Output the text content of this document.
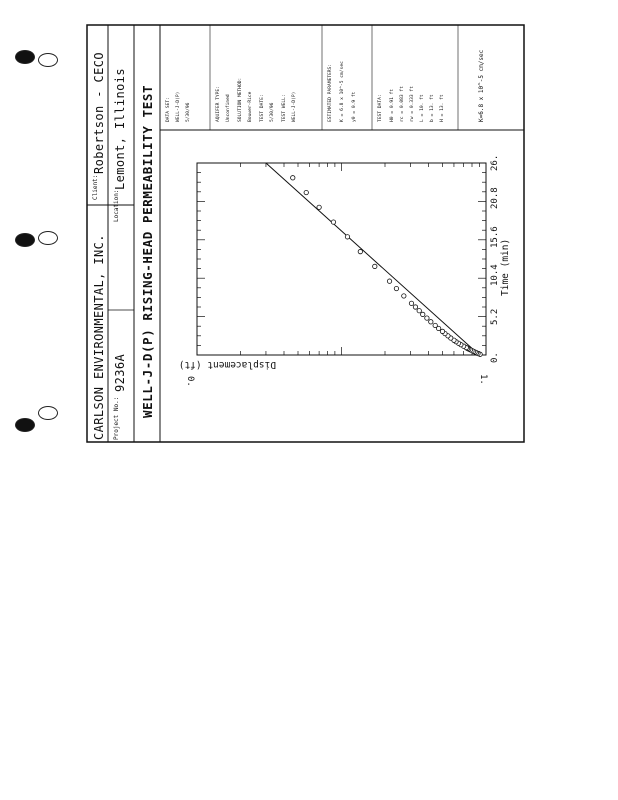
CARLSON ENVIRONMENTAL, INC.
Client:
Robertson - CECO
Project No.:
9236A
Location:
Lemont, Illinois WELL-J-D(P) RISING-HEAD PERMEABILITY TEST DATA SET: WELL-J-D(P) 5/30/96	AQUIFER TYPE: Unconfined SOLUTION METHOD: Bouwer-Rice TEST DATE: 5/30/96 TEST WELL: WELL-J-D(P)	ESTIMATED PARAMETERS: K = 6.8 x 10^-5 cm/sec y0 = 0.9 ft	TEST DATA: H0 = 0.91 ft rc = 0.083 ft rw = 0.333 ft L = 10. ft b = 13. ft H = 13. ft	K=6.8 x 10^-5 cm/sec
Displacement (ft)
0.	1.
Time (min)
0.
5.2
10.4
15.6
20.8
26.
